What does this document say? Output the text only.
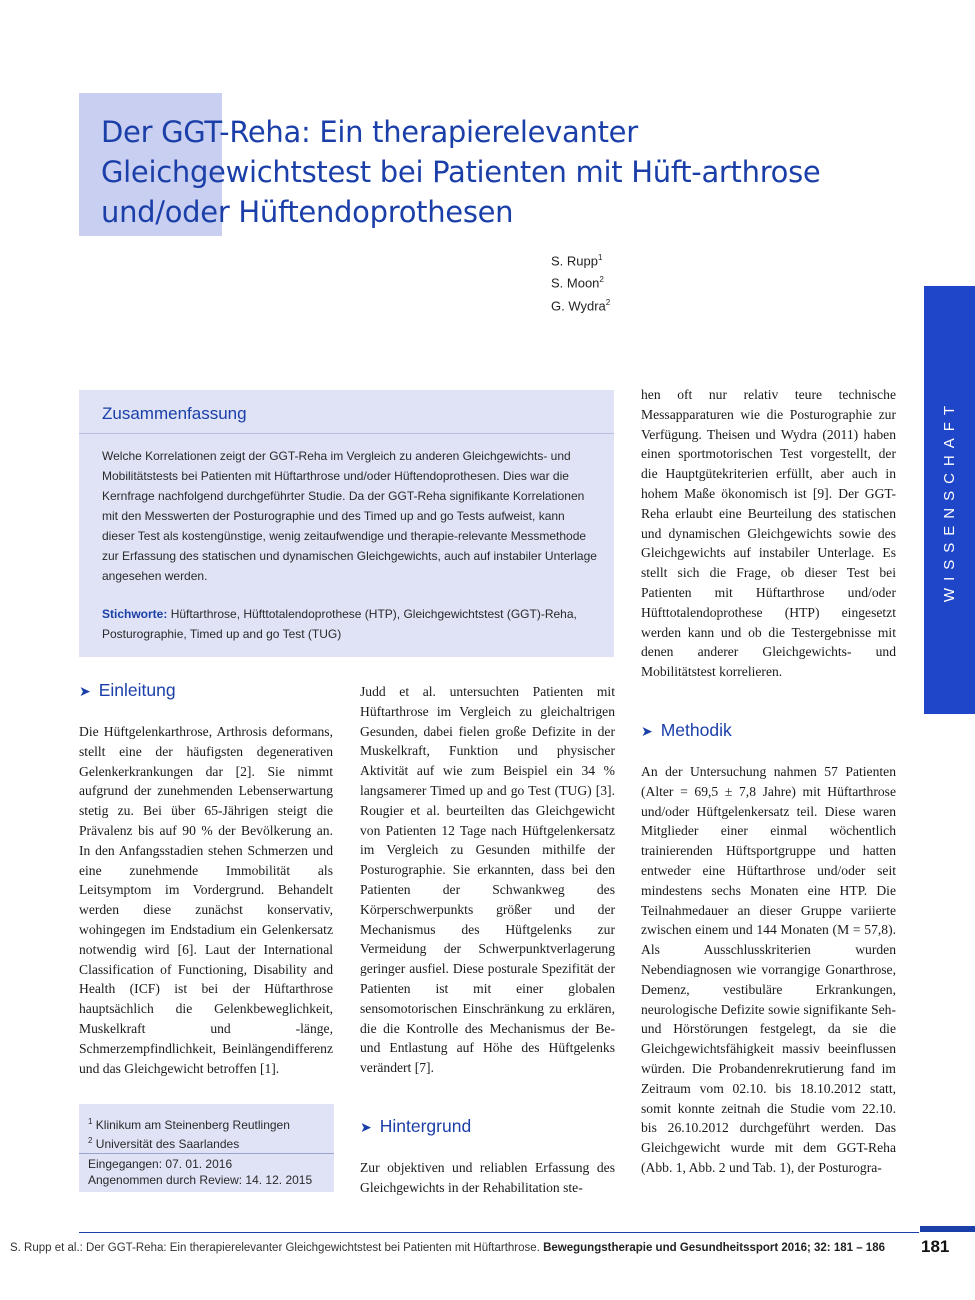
Der GGT-Reha: Ein therapierelevanter Gleichgewichtstest bei Patienten mit Hüft-arthrose und/oder Hüftendoprothesen
S. Rupp$^1$
S. Moon$^2$
G. Wydra$^2$
WISSENSCHAFT
Zusammenfassung

Welche Korrelationen zeigt der GGT-Reha im Vergleich zu anderen Gleichgewichts- und Mobilitätstests bei Patienten mit Hüftarthrose und/oder Hüftendoprothesen. Dies war die Kernfrage nachfolgend durchgeführter Studie. Da der GGT-Reha signifikante Korrelationen mit den Messwerten der Posturographie und des Timed up and go Tests aufweist, kann dieser Test als kostengünstige, wenig zeitaufwendige und therapie-relevante Messmethode zur Erfassung des statischen und dynamischen Gleichgewichts, auch auf instabiler Unterlage angesehen werden.

Stichworte: Hüftarthrose, Hüfttotalendoprothese (HTP), Gleichgewichtstest (GGT)-Reha, Posturographie, Timed up and go Test (TUG)

➤ Einleitung

Die Hüftgelenkarthrose, Arthrosis deformans, stellt eine der häufigsten degenerativen Gelenkerkrankungen dar [2]. Sie nimmt aufgrund der zunehmenden Lebenserwartung stetig zu. Bei über 65-Jährigen steigt die Prävalenz bis auf 90 % der Bevölkerung an. In den Anfangsstadien stehen Schmerzen und eine zunehmende Immobilität als Leitsymptom im Vordergrund. Behandelt werden diese zunächst konservativ, wohingegen im Endstadium ein Gelenkersatz notwendig wird [6]. Laut der International Classification of Functioning, Disability and Health (ICF) ist bei der Hüftarthrose hauptsächlich die Gelenkbeweglichkeit, Muskelkraft und -länge, Schmerzempfindlichkeit, Beinlängendifferenz und das Gleichgewicht betroffen [1].

Judd et al. untersuchten Patienten mit Hüftarthrose im Vergleich zu gleichaltrigen Gesunden, dabei fielen große Defizite in der Muskelkraft, Funktion und physischer Aktivität auf wie zum Beispiel ein 34 % langsamerer Timed up and go Test (TUG) [3]. Rougier et al. beurteilten das Gleichgewicht von Patienten 12 Tage nach Hüftgelenkersatz im Vergleich zu Gesunden mithilfe der Posturographie. Sie erkannten, dass bei den Patienten der Schwankweg des Körperschwerpunkts größer und der Mechanismus des Hüftgelenks zur Vermeidung der Schwerpunktverlagerung geringer ausfiel. Diese posturale Spezifität der Patienten ist mit einer globalen sensomotorischen Einschränkung zu erklären, die die Kontrolle des Mechanismus der Be- und Entlastung auf Höhe des Hüftgelenks verändert [7].

➤ Hintergrund

Zur objektiven und reliablen Erfassung des Gleichgewichts in der Rehabilitation ste-

hen oft nur relativ teure technische Messapparaturen wie die Posturographie zur Verfügung. Theisen und Wydra (2011) haben einen sportmotorischen Test vorgestellt, der die Hauptgütekriterien erfüllt, aber auch in hohem Maße ökonomisch ist [9]. Der GGT-Reha erlaubt eine Beurteilung des statischen und dynamischen Gleichgewichts sowie des Gleichgewichts auf instabiler Unterlage. Es stellt sich die Frage, ob dieser Test bei Patienten mit Hüftarthrose und/oder Hüfttotalendoprothese (HTP) eingesetzt werden kann und ob die Testergebnisse mit denen anderer Gleichgewichts- und Mobilitätstest korrelieren.

➤ Methodik

An der Untersuchung nahmen 57 Patienten (Alter = 69,5 ± 7,8 Jahre) mit Hüftarthrose und/oder Hüftgelenkersatz teil. Diese waren Mitglieder einer einmal wöchentlich trainierenden Hüftsportgruppe und hatten entweder eine Hüftarthrose und/oder seit mindestens sechs Monaten eine HTP. Die Teilnahmedauer an dieser Gruppe variierte zwischen einem und 144 Monaten (M = 57,8). Als Ausschlusskriterien wurden Nebendiagnosen wie vorrangige Gonarthrose, Demenz, vestibuläre Erkrankungen, neurologische Defizite sowie signifikante Seh- und Hörstörungen festgelegt, da sie die Gleichgewichtsfähigkeit massiv beeinflussen würden. Die Probandenrekrutierung fand im Zeitraum vom 02.10. bis 18.10.2012 statt, somit konnte zeitnah die Studie vom 22.10. bis 26.10.2012 durchgeführt werden. Das Gleichgewicht wurde mit dem GGT-Reha (Abb. 1, Abb. 2 und Tab. 1), der Posturogra-

$^1$ Klinikum am Steinenberg Reutlingen
$^2$ Universität des Saarlandes
Eingegangen: 07. 01. 2016
Angenommen durch Review: 14. 12. 2015
S. Rupp et al.: Der GGT-Reha: Ein therapierelevanter Gleichgewichtstest bei Patienten mit Hüftarthrose. Bewegungstherapie und Gesundheitssport 2016; 32: 181 – 186 181
